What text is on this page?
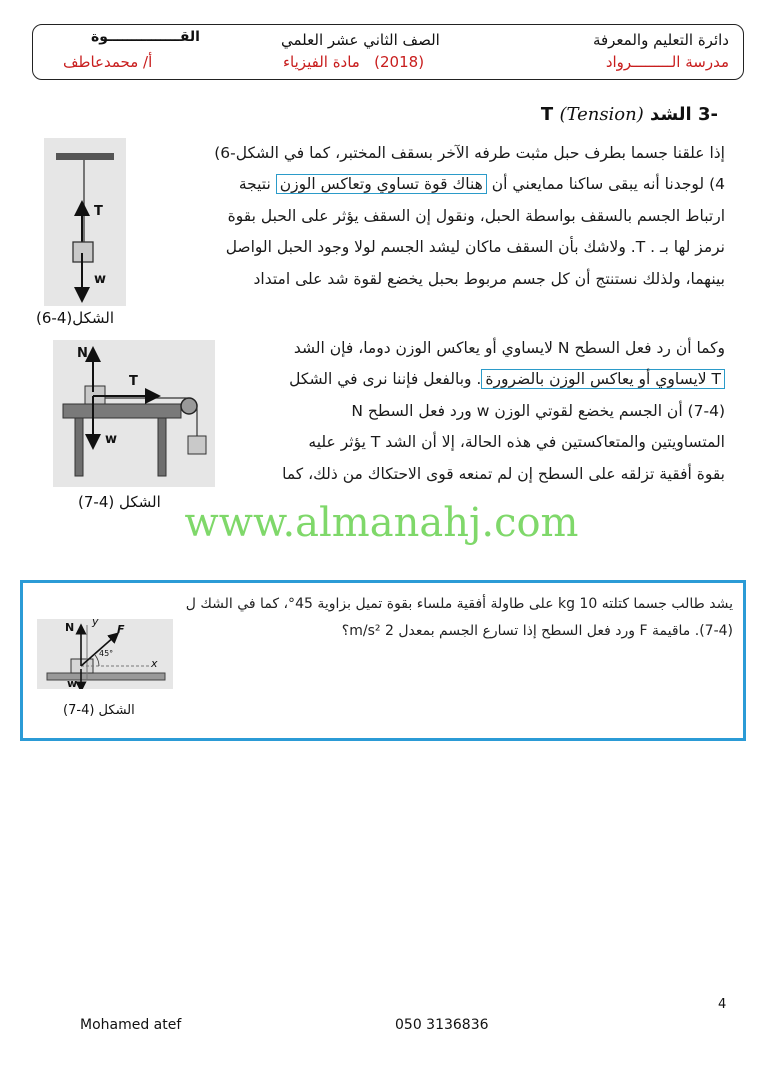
دائرة التعليم والمعرفة
مدرسة الـــــــــرواد
الصف الثاني عشر العلمي
(2018)   مادة الفيزياء
القـــــــــــــــوة
أ/ محمدعاطف
-3 الشد T (Tension)
إذا علقنا جسما بطرف حبل مثبت طرفه الآخر بسقف المختبر، كما في الشكل-6)
4) لوجدنا أنه يبقى ساكنا ممايعني أن هناك قوة تساوي وتعاكس الوزن نتيجة
ارتباط الجسم بالسقف بواسطة الحبل، ونقول إن السقف يؤثر على الحبل بقوة
نرمز لها بـ . T. ولاشك بأن السقف ماكان ليشد الجسم لولا وجود الحبل الواصل
بينهما، ولذلك نستنتج أن كل جسم مربوط بحبل يخضع لقوة شد على امتداد
T
w
الشكل(4-6)
وكما أن رد فعل السطح N لايساوي أو يعاكس الوزن دوما، فإن الشد
T لايساوي أو يعاكس الوزن بالضرورة. وبالفعل فإننا نرى في الشكل
(7-4) أن الجسم يخضع لقوتي الوزن w ورد فعل السطح N
المتساويتين والمتعاكستين في هذه الحالة، إلا أن الشد T يؤثر عليه
بقوة أفقية تزلقه على السطح إن لم تمنعه قوى الاحتكاك من ذلك، كما
N
T
w
الشكل (4-7) www.almanahj.com
يشد طالب جسما كتلته 10 kg على طاولة أفقية ملساء بقوة تميل بزاوية 45°، كما في الشك ل
(7-4). ماقيمة F ورد فعل السطح إذا تسارع الجسم بمعدل 2 m/s²؟
N y
F
45°
x
w
الشكل (4-7)
4
Mohamed atef	050 3136836
